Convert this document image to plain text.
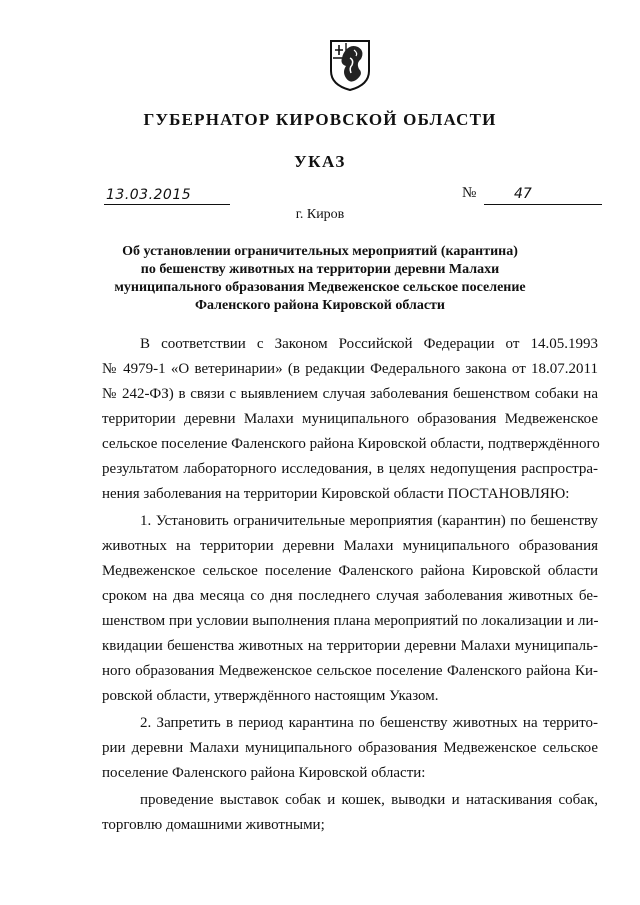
ГУБЕРНАТОР КИРОВСКОЙ ОБЛАСТИ
УКАЗ
13.03.2015	№	47
г. Киров
Об установлении ограничительных мероприятий (карантина)
по бешенству животных на территории деревни Малахи
муниципального образования Медвеженское сельское поселение
Фаленского района Кировской области
В соответствии с Законом Российской Федерации от 14.05.1993
№ 4979-1 «О ветеринарии» (в редакции Федерального закона от 18.07.2011
№ 242-ФЗ) в связи с выявлением случая заболевания бешенством собаки на
территории деревни Малахи муниципального образования Медвеженское
сельское поселение Фаленского района Кировской области, подтверждённого
результатом лабораторного исследования, в целях недопущения распростра-
нения заболевания на территории Кировской области ПОСТАНОВЛЯЮ:
1. Установить ограничительные мероприятия (карантин) по бешенству
животных на территории деревни Малахи муниципального образования
Медвеженское сельское поселение Фаленского района Кировской области
сроком на два месяца со дня последнего случая заболевания животных бе-
шенством при условии выполнения плана мероприятий по локализации и ли-
квидации бешенства животных на территории деревни Малахи муниципаль-
ного образования Медвеженское сельское поселение Фаленского района Ки-
ровской области, утверждённого настоящим Указом.
2. Запретить в период карантина по бешенству животных на террито-
рии деревни Малахи муниципального образования Медвеженское сельское
поселение Фаленского района Кировской области:
проведение выставок собак и кошек, выводки и натаскивания собак,
торговлю домашними животными;
